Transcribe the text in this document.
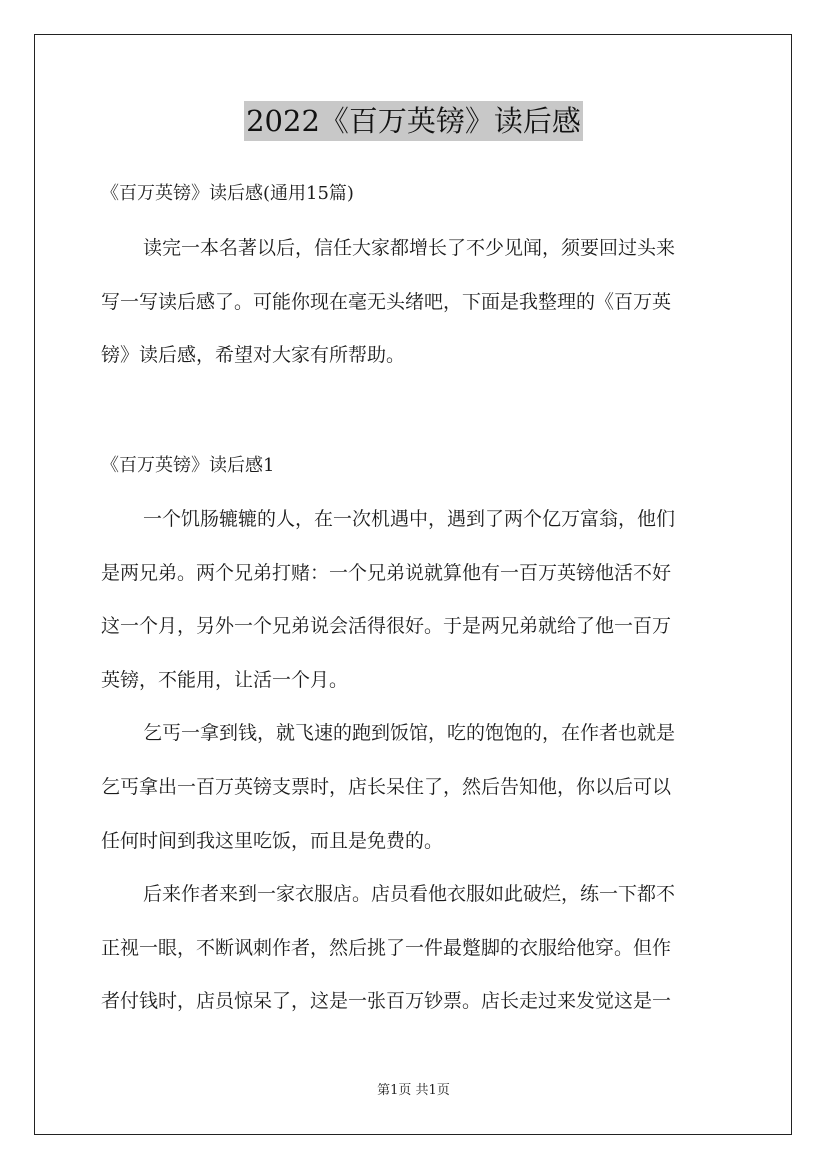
2022《百万英镑》读后感
《百万英镑》读后感(通用15篇)
读完一本名著以后，信任大家都增长了不少见闻，须要回过头来
写一写读后感了。可能你现在毫无头绪吧，下面是我整理的《百万英
镑》读后感，希望对大家有所帮助。
《百万英镑》读后感1
一个饥肠辘辘的人，在一次机遇中，遇到了两个亿万富翁，他们
是两兄弟。两个兄弟打赌：一个兄弟说就算他有一百万英镑他活不好
这一个月，另外一个兄弟说会活得很好。于是两兄弟就给了他一百万
英镑，不能用，让活一个月。
乞丐一拿到钱，就飞速的跑到饭馆，吃的饱饱的，在作者也就是
乞丐拿出一百万英镑支票时，店长呆住了，然后告知他，你以后可以
任何时间到我这里吃饭，而且是免费的。
后来作者来到一家衣服店。店员看他衣服如此破烂，练一下都不
正视一眼，不断讽刺作者，然后挑了一件最蹩脚的衣服给他穿。但作
者付钱时，店员惊呆了，这是一张百万钞票。店长走过来发觉这是一
第1页 共1页
